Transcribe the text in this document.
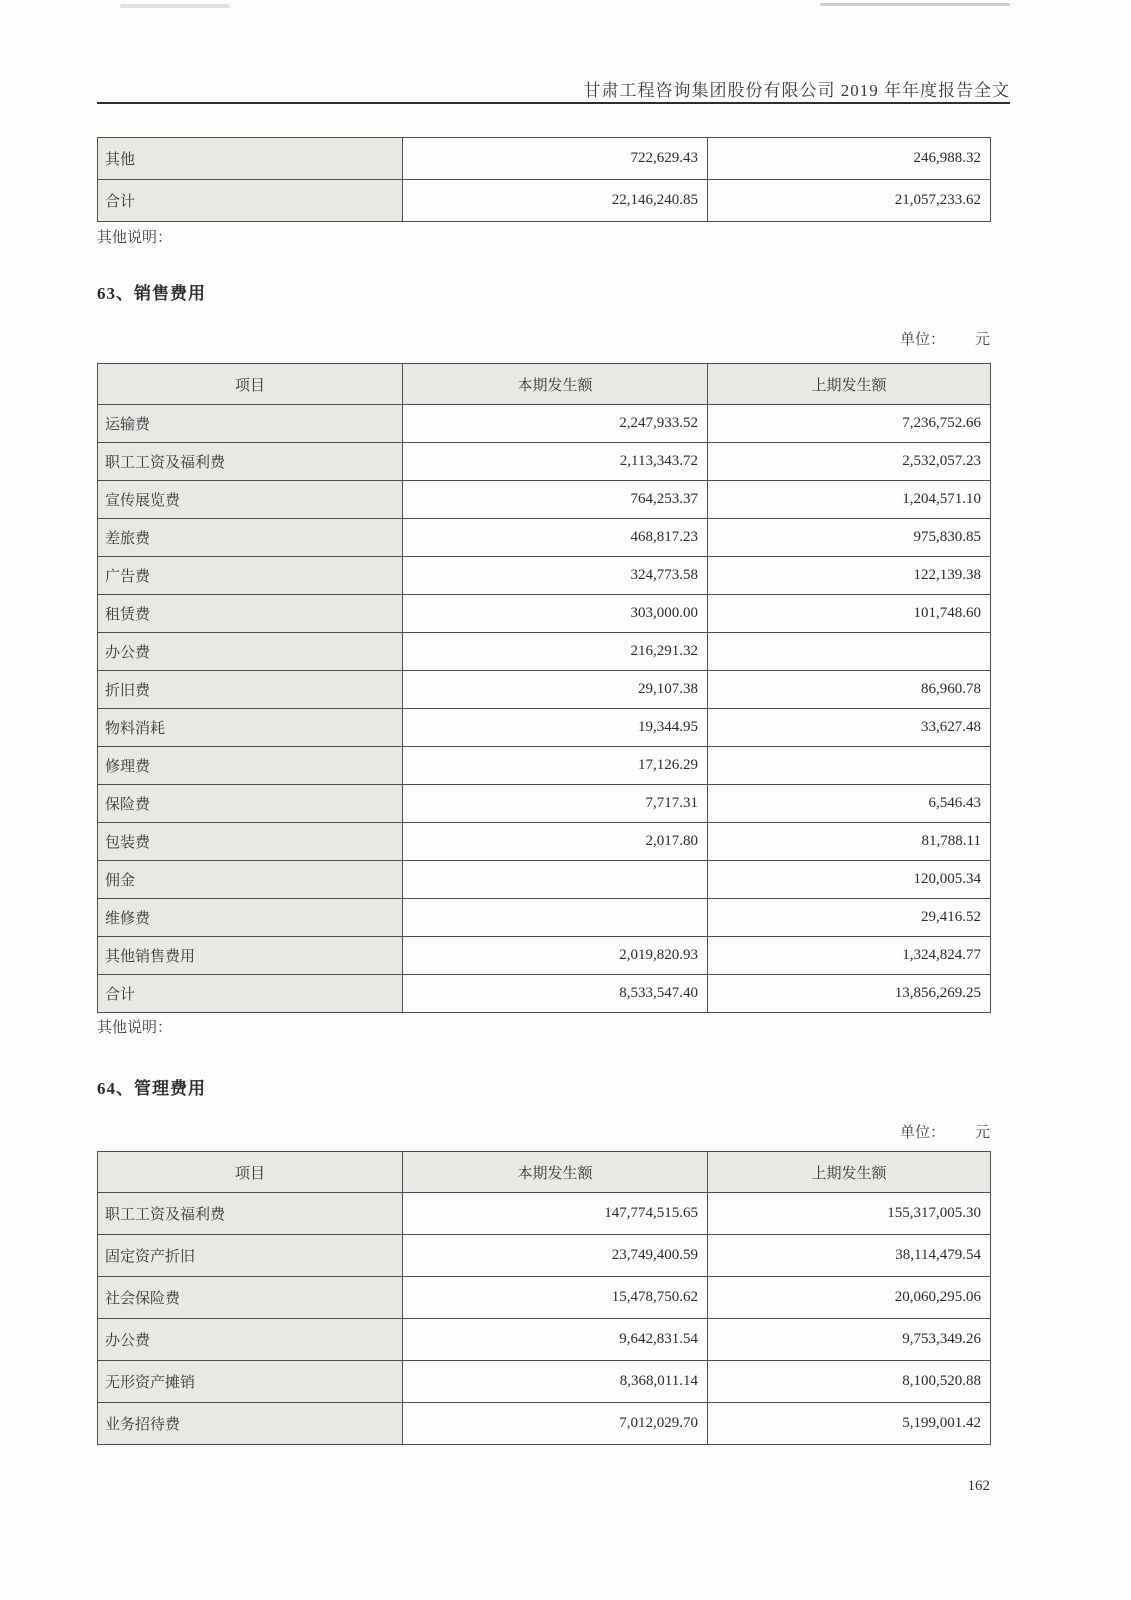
甘肃工程咨询集团股份有限公司 2019 年年度报告全文
其他	722,629.43	246,988.32
合计	22,146,240.85	21,057,233.62
其他说明：
63、销售费用
单位： 元
项目	本期发生额	上期发生额
运输费	2,247,933.52	7,236,752.66
职工工资及福利费	2,113,343.72	2,532,057.23
宣传展览费	764,253.37	1,204,571.10
差旅费	468,817.23	975,830.85
广告费	324,773.58	122,139.38
租赁费	303,000.00	101,748.60
办公费	216,291.32	
折旧费	29,107.38	86,960.78
物料消耗	19,344.95	33,627.48
修理费	17,126.29	
保险费	7,717.31	6,546.43
包装费	2,017.80	81,788.11
佣金		120,005.34
维修费		29,416.52
其他销售费用	2,019,820.93	1,324,824.77
合计	8,533,547.40	13,856,269.25
其他说明：
64、管理费用
单位： 元
项目	本期发生额	上期发生额
职工工资及福利费	147,774,515.65	155,317,005.30
固定资产折旧	23,749,400.59	38,114,479.54
社会保险费	15,478,750.62	20,060,295.06
办公费	9,642,831.54	9,753,349.26
无形资产摊销	8,368,011.14	8,100,520.88
业务招待费	7,012,029.70	5,199,001.42
162
